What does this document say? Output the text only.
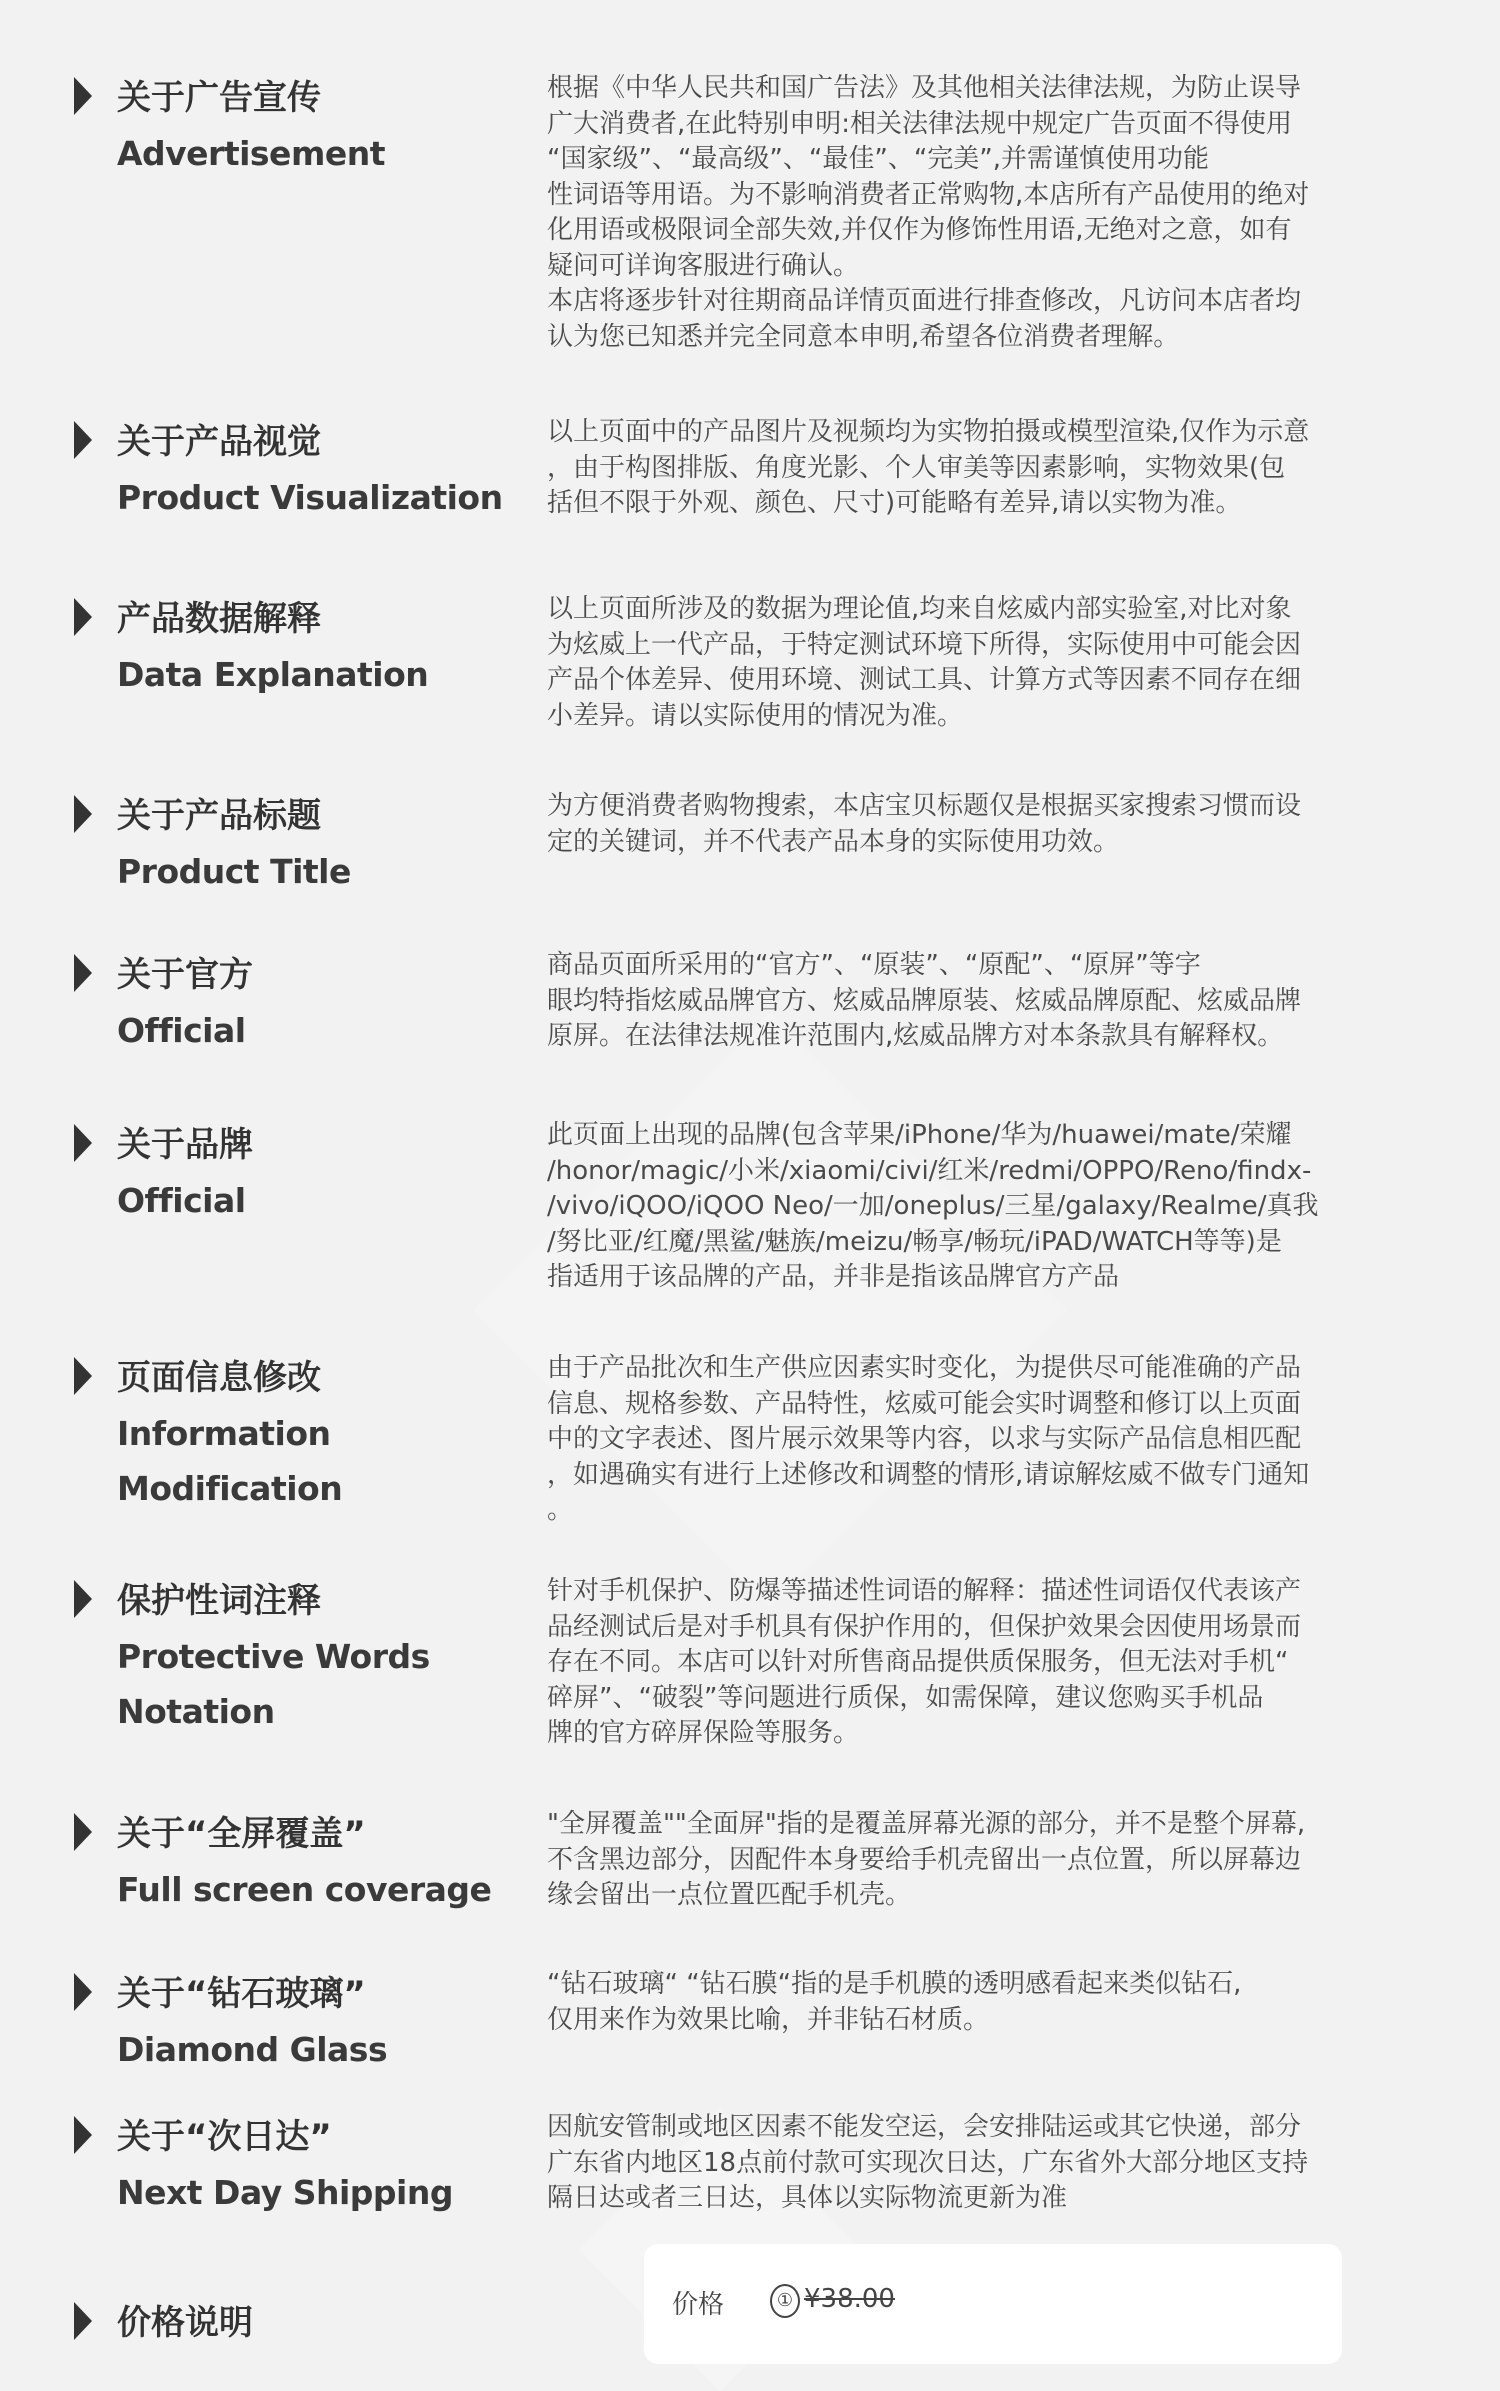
关于广告宣传
Advertisement
根据《中华人民共和国广告法》及其他相关法律法规，为防止误导
广大消费者,在此特别申明:相关法律法规中规定广告页面不得使用
“国家级”、“最高级”、“最佳”、“完美”,并需谨慎使用功能
性词语等用语。为不影响消费者正常购物,本店所有产品使用的绝对
化用语或极限词全部失效,并仅作为修饰性用语,无绝对之意，如有
疑问可详询客服进行确认。
本店将逐步针对往期商品详情页面进行排查修改，凡访问本店者均
认为您已知悉并完全同意本申明,希望各位消费者理解。
关于产品视觉
Product Visualization
以上页面中的产品图片及视频均为实物拍摄或模型渲染,仅作为示意
，由于构图排版、角度光影、个人审美等因素影响，实物效果(包
括但不限于外观、颜色、尺寸)可能略有差异,请以实物为准。
产品数据解释
Data Explanation
以上页面所涉及的数据为理论值,均来自炫威内部实验室,对比对象
为炫威上一代产品，于特定测试环境下所得，实际使用中可能会因
产品个体差异、使用环境、测试工具、计算方式等因素不同存在细
小差异。请以实际使用的情况为准。
关于产品标题
Product Title
为方便消费者购物搜索，本店宝贝标题仅是根据买家搜索习惯而设
定的关键词，并不代表产品本身的实际使用功效。
关于官方
Official
商品页面所采用的“官方”、“原装”、“原配”、“原屏”等字
眼均特指炫威品牌官方、炫威品牌原装、炫威品牌原配、炫威品牌
原屏。在法律法规准许范围内,炫威品牌方对本条款具有解释权。
关于品牌
Official
此页面上出现的品牌(包含苹果/iPhone/华为/huawei/mate/荣耀
/honor/magic/小米/xiaomi/civi/红米/redmi/OPPO/Reno/findx-
/vivo/iQOO/iQOO Neo/一加/oneplus/三星/galaxy/Realme/真我
/努比亚/红魔/黑鲨/魅族/meizu/畅享/畅玩/iPAD/WATCH等等)是
指适用于该品牌的产品，并非是指该品牌官方产品
页面信息修改
Information
Modification
由于产品批次和生产供应因素实时变化，为提供尽可能准确的产品
信息、规格参数、产品特性，炫威可能会实时调整和修订以上页面
中的文字表述、图片展示效果等内容，以求与实际产品信息相匹配
，如遇确实有进行上述修改和调整的情形,请谅解炫威不做专门通知
。
保护性词注释
Protective Words
Notation
针对手机保护、防爆等描述性词语的解释：描述性词语仅代表该产
品经测试后是对手机具有保护作用的，但保护效果会因使用场景而
存在不同。本店可以针对所售商品提供质保服务，但无法对手机“
碎屏”、“破裂”等问题进行质保，如需保障，建议您购买手机品
牌的官方碎屏保险等服务。
关于“全屏覆盖”
Full screen coverage
"全屏覆盖""全面屏"指的是覆盖屏幕光源的部分，并不是整个屏幕,
不含黑边部分，因配件本身要给手机壳留出一点位置，所以屏幕边
缘会留出一点位置匹配手机壳。
关于“钻石玻璃”
Diamond Glass
“钻石玻璃“ “钻石膜“指的是手机膜的透明感看起来类似钻石,
仅用来作为效果比喻，并非钻石材质。
关于“次日达”
Next Day Shipping
因航安管制或地区因素不能发空运，会安排陆运或其它快递，部分
广东省内地区18点前付款可实现次日达，广东省外大部分地区支持
隔日达或者三日达，具体以实际物流更新为准
价格说明	价格	① ¥38.00
